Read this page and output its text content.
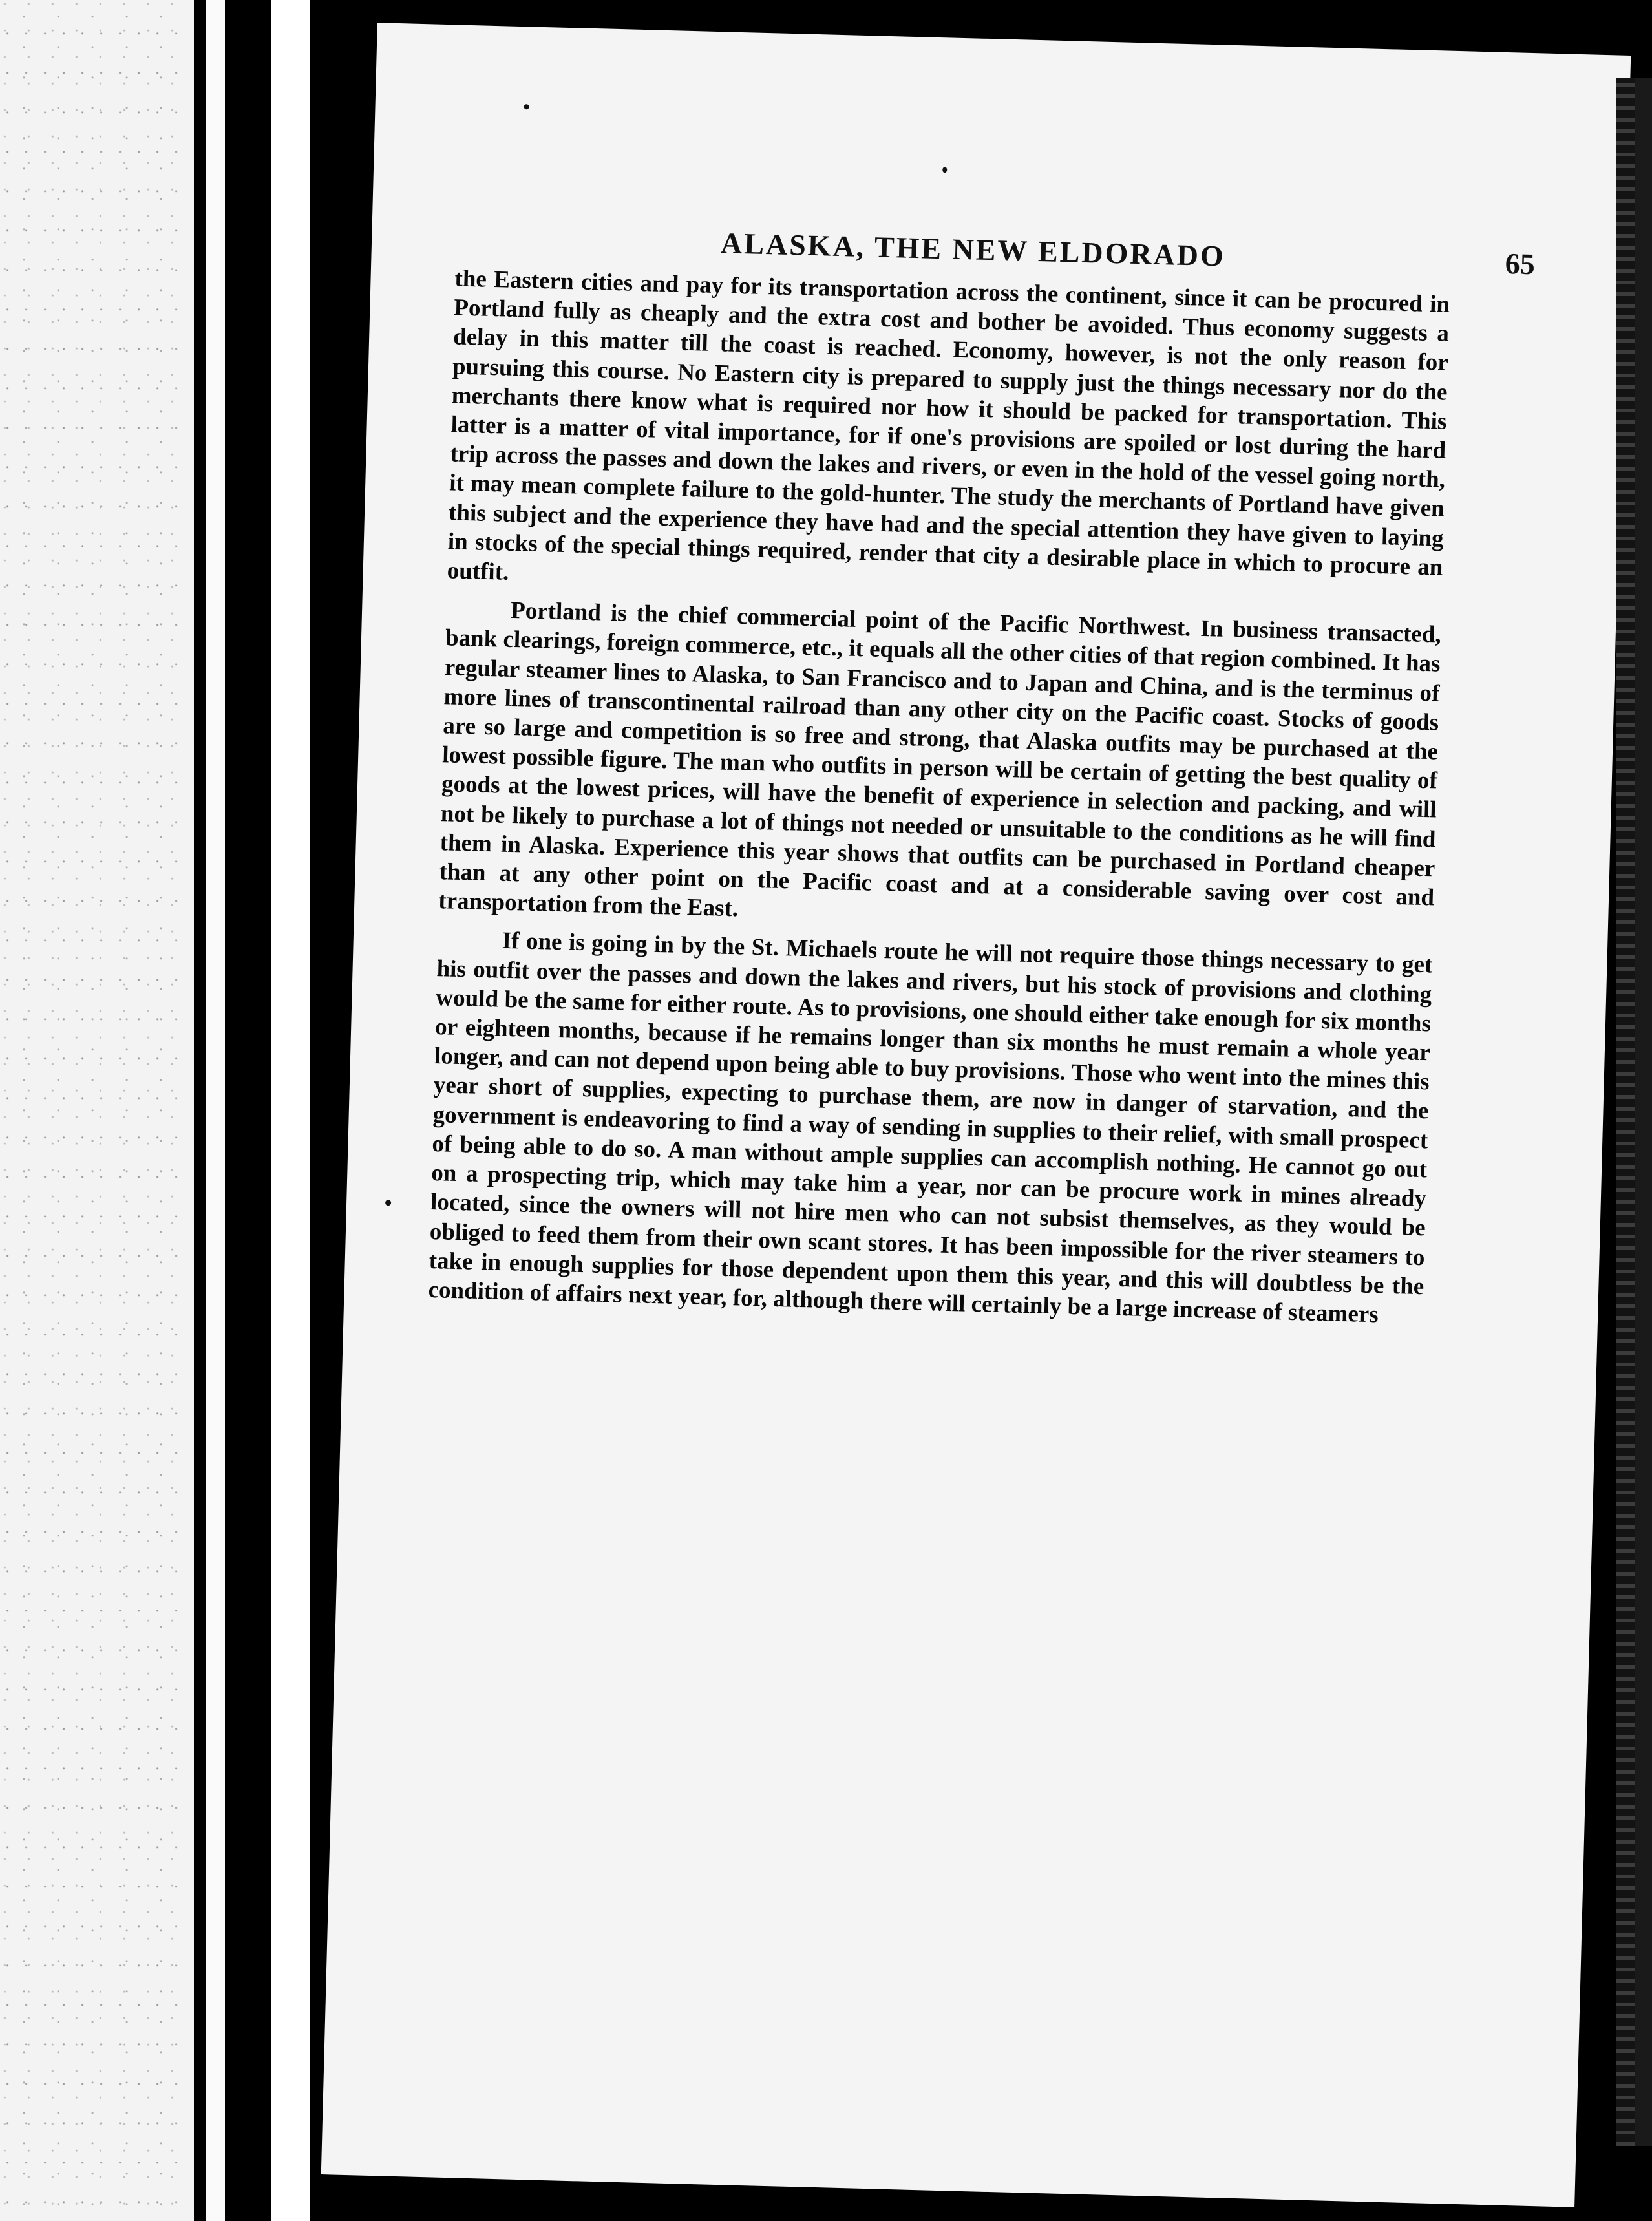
ALASKA, THE NEW ELDORADO	65

the Eastern cities and pay for its transportation across the continent, since it can be procured in Portland fully as cheaply and the extra cost and bother be avoided. Thus economy suggests a delay in this matter till the coast is reached. Economy, however, is not the only reason for pursuing this course. No Eastern city is prepared to supply just the things necessary nor do the merchants there know what is required nor how it should be packed for transportation. This latter is a matter of vital importance, for if one's provisions are spoiled or lost during the hard trip across the passes and down the lakes and rivers, or even in the hold of the vessel going north, it may mean complete failure to the gold-hunter. The study the merchants of Portland have given this subject and the experience they have had and the special attention they have given to laying in stocks of the special things required, render that city a desirable place in which to procure an outfit.

Portland is the chief commercial point of the Pacific Northwest. In business transacted, bank clearings, foreign commerce, etc., it equals all the other cities of that region combined. It has regular steamer lines to Alaska, to San Francisco and to Japan and China, and is the terminus of more lines of transcontinental railroad than any other city on the Pacific coast. Stocks of goods are so large and competition is so free and strong, that Alaska outfits may be purchased at the lowest possible figure. The man who outfits in person will be certain of getting the best quality of goods at the lowest prices, will have the benefit of experience in selection and packing, and will not be likely to purchase a lot of things not needed or unsuitable to the conditions as he will find them in Alaska. Experience this year shows that outfits can be purchased in Portland cheaper than at any other point on the Pacific coast and at a considerable saving over cost and transportation from the East.

If one is going in by the St. Michaels route he will not require those things necessary to get his outfit over the passes and down the lakes and rivers, but his stock of provisions and clothing would be the same for either route. As to provisions, one should either take enough for six months or eighteen months, because if he remains longer than six months he must remain a whole year longer, and can not depend upon being able to buy provisions. Those who went into the mines this year short of supplies, expecting to purchase them, are now in danger of starvation, and the government is endeavoring to find a way of sending in supplies to their relief, with small prospect of being able to do so. A man without ample supplies can accomplish nothing. He cannot go out on a prospecting trip, which may take him a year, nor can be procure work in mines already located, since the owners will not hire men who can not subsist themselves, as they would be obliged to feed them from their own scant stores. It has been impossible for the river steamers to take in enough supplies for those dependent upon them this year, and this will doubtless be the condition of affairs next year, for, although there will certainly be a large increase of steamers
